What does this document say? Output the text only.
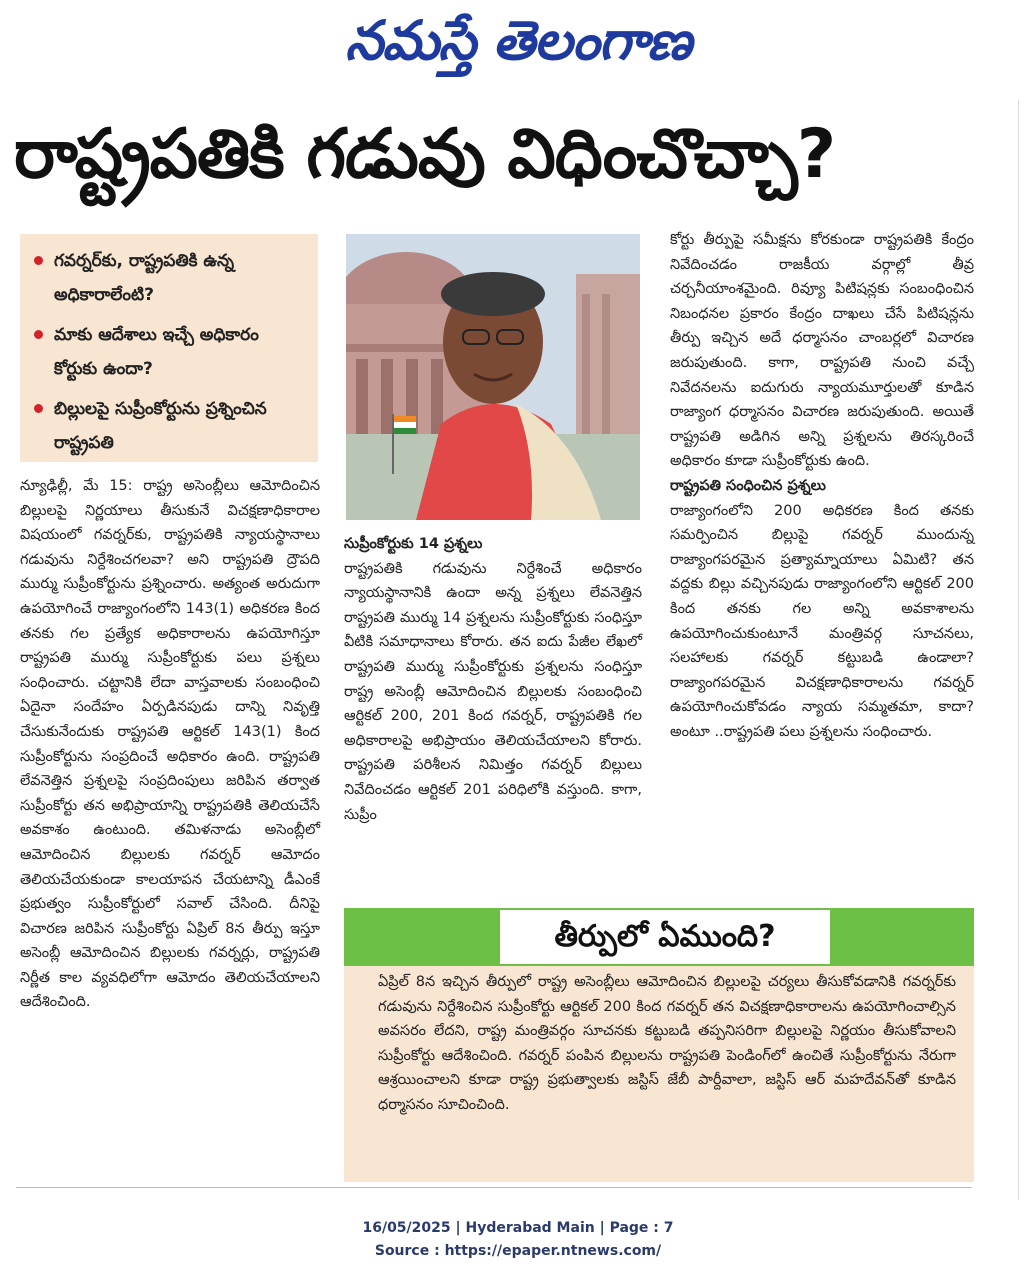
నమస్తే తెలంగాణ
రాష్ట్రపతికి గడువు విధించొచ్చా?
గవర్నర్‌కు, రాష్ట్రపతికి ఉన్న అధికారాలేంటి?
మాకు ఆదేశాలు ఇచ్చే అధికారం కోర్టుకు ఉందా?
బిల్లులపై సుప్రీంకోర్టును ప్రశ్నించిన రాష్ట్రపతి

న్యూఢిల్లీ, మే 15: రాష్ట్ర అసెంబ్లీలు ఆమోదించిన బిల్లులపై నిర్ణయాలు తీసుకునే విచక్షణాధికారాల విషయంలో గవర్నర్‌కు, రాష్ట్రపతికి న్యాయస్థానాలు గడువును నిర్దేశించగలవా? అని రాష్ట్రపతి ద్రౌపది ముర్ము సుప్రీంకోర్టును ప్రశ్నించారు. అత్యంత అరుదుగా ఉపయోగించే రాజ్యాంగంలోని 143(1) అధికరణ కింద తనకు గల ప్రత్యేక అధికారాలను ఉపయోగిస్తూ రాష్ట్రపతి ముర్ము సుప్రీంకోర్టుకు పలు ప్రశ్నలు సంధించారు. చట్టానికి లేదా వాస్తవాలకు సంబంధించి ఏదైనా సందేహం ఏర్పడినపుడు దాన్ని నివృత్తి చేసుకునేందుకు రాష్ట్రపతి ఆర్టికల్ 143(1) కింద సుప్రీంకోర్టును సంప్రదించే అధికారం ఉంది. రాష్ట్రపతి లేవనెత్తిన ప్రశ్నలపై సంప్రదింపులు జరిపిన తర్వాత సుప్రీంకోర్టు తన అభిప్రాయాన్ని రాష్ట్రపతికి తెలియచేసే అవకాశం ఉంటుంది. తమిళనాడు అసెంబ్లీలో ఆమోదించిన బిల్లులకు గవర్నర్ ఆమోదం తెలియచేయకుండా కాలయాపన చేయటాన్ని డీఎంకే ప్రభుత్వం సుప్రీంకోర్టులో సవాల్ చేసింది. దీనిపై విచారణ జరిపిన సుప్రీంకోర్టు ఏప్రిల్ 8న తీర్పు ఇస్తూ అసెంబ్లీ ఆమోదించిన బిల్లులకు గవర్నర్లు, రాష్ట్రపతి నిర్ణీత కాల వ్యవధిలోగా ఆమోదం తెలియచేయాలని ఆదేశించింది.

సుప్రీంకోర్టుకు 14 ప్రశ్నలు

రాష్ట్రపతికి గడువును నిర్దేశించే అధికారం న్యాయస్థానానికి ఉందా అన్న ప్రశ్నలు లేవనెత్తిన రాష్ట్రపతి ముర్ము 14 ప్రశ్నలను సుప్రీంకోర్టుకు సంధిస్తూ వీటికి సమాధానాలు కోరారు. తన ఐదు పేజీల లేఖలో రాష్ట్రపతి ముర్ము సుప్రీంకోర్టుకు ప్రశ్నలను సంధిస్తూ రాష్ట్ర అసెంబ్లీ ఆమోదించిన బిల్లులకు సంబంధించి ఆర్టికల్ 200, 201 కింద గవర్నర్, రాష్ట్రపతికి గల అధికారాలపై అభిప్రాయం తెలియచేయాలని కోరారు. రాష్ట్రపతి పరిశీలన నిమిత్తం గవర్నర్ బిల్లులు నివేదించడం ఆర్టికల్ 201 పరిధిలోకి వస్తుంది. కాగా, సుప్రీం

కోర్టు తీర్పుపై సమీక్షను కోరకుండా రాష్ట్రపతికి కేంద్రం నివేదించడం రాజకీయ వర్గాల్లో తీవ్ర చర్చనీయాంశమైంది. రివ్యూ పిటిషన్లకు సంబంధించిన నిబంధనల ప్రకారం కేంద్రం దాఖలు చేసే పిటిషన్లను తీర్పు ఇచ్చిన అదే ధర్మాసనం చాంబర్లలో విచారణ జరుపుతుంది. కాగా, రాష్ట్రపతి నుంచి వచ్చే నివేదనలను ఐదుగురు న్యాయమూర్తులతో కూడిన రాజ్యాంగ ధర్మాసనం విచారణ జరుపుతుంది. అయితే రాష్ట్రపతి అడిగిన అన్ని ప్రశ్నలను తిరస్కరించే అధికారం కూడా సుప్రీంకోర్టుకు ఉంది.

రాష్ట్రపతి సంధించిన ప్రశ్నలు

రాజ్యాంగంలోని 200 అధికరణ కింద తనకు సమర్పించిన బిల్లుపై గవర్నర్ ముందున్న రాజ్యాంగపరమైన ప్రత్యామ్నాయాలు ఏమిటి? తన వద్దకు బిల్లు వచ్చినపుడు రాజ్యాంగంలోని ఆర్టికల్ 200 కింద తనకు గల అన్ని అవకాశాలను ఉపయోగించుకుంటూనే మంత్రివర్గ సూచనలు, సలహాలకు గవర్నర్ కట్టుబడి ఉండాలా? రాజ్యాంగపరమైన విచక్షణాధికారాలను గవర్నర్ ఉపయోగించుకోవడం న్యాయ సమ్మతమా, కాదా? అంటూ ..రాష్ట్రపతి పలు ప్రశ్నలను సంధించారు.

తీర్పులో ఏముంది?

ఏప్రిల్ 8న ఇచ్చిన తీర్పులో రాష్ట్ర అసెంబ్లీలు ఆమోదించిన బిల్లులపై చర్యలు తీసుకోవడానికి గవర్నర్‌కు గడువును నిర్దేశించిన సుప్రీంకోర్టు ఆర్టికల్ 200 కింద గవర్నర్ తన విచక్షణాధికారాలను ఉపయోగించాల్సిన అవసరం లేదని, రాష్ట్ర మంత్రివర్గం సూచనకు కట్టుబడి తప్పనిసరిగా బిల్లులపై నిర్ణయం తీసుకోవాలని సుప్రీంకోర్టు ఆదేశించింది. గవర్నర్ పంపిన బిల్లులను రాష్ట్రపతి పెండింగ్‌లో ఉంచితే సుప్రీంకోర్టును నేరుగా ఆశ్రయించాలని కూడా రాష్ట్ర ప్రభుత్వాలకు జస్టిస్ జేబీ పార్దీవాలా, జస్టిస్ ఆర్ మహదేవన్‌తో కూడిన ధర్మాసనం సూచించింది.

16/05/2025 | Hyderabad Main | Page : 7
Source : https://epaper.ntnews.com/
